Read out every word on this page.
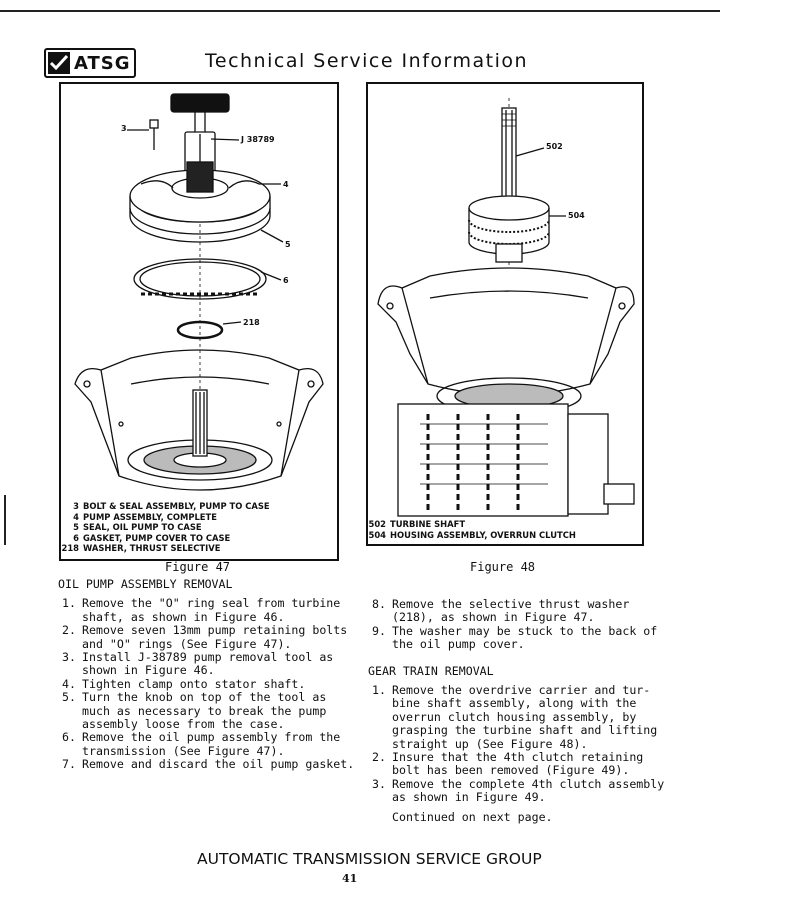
ATSG	Technical Service Information
3
J 38789
4
5
6
218
3 BOLT & SEAL ASSEMBLY, PUMP TO CASE
4 PUMP ASSEMBLY, COMPLETE
5 SEAL, OIL PUMP TO CASE
6 GASKET, PUMP COVER TO CASE
218 WASHER, THRUST SELECTIVE
Figure 47
502
504
502 TURBINE SHAFT
504 HOUSING ASSEMBLY, OVERRUN CLUTCH
Figure 48
OIL PUMP ASSEMBLY REMOVAL
1. Remove the "O" ring seal from turbine
shaft, as shown in Figure 46.
2. Remove seven 13mm pump retaining bolts
and "O" rings (See Figure 47).
3. Install J-38789 pump removal tool as
shown in Figure 46.
4. Tighten clamp onto stator shaft.
5. Turn the knob on top of the tool as
much as necessary to break the pump
assembly loose from the case.
6. Remove the oil pump assembly from the
transmission (See Figure 47).
7. Remove and discard the oil pump gasket.
8. Remove the selective thrust washer
(218), as shown in Figure 47.
9. The washer may be stuck to the back of
the oil pump cover.
GEAR TRAIN REMOVAL
1. Remove the overdrive carrier and tur-
bine shaft assembly, along with the
overrun clutch housing assembly, by
grasping the turbine shaft and lifting
straight up (See Figure 48).
2. Insure that the 4th clutch retaining
bolt has been removed (Figure 49).
3. Remove the complete 4th clutch assembly
as shown in Figure 49.
Continued on next page.
AUTOMATIC TRANSMISSION SERVICE GROUP
41
